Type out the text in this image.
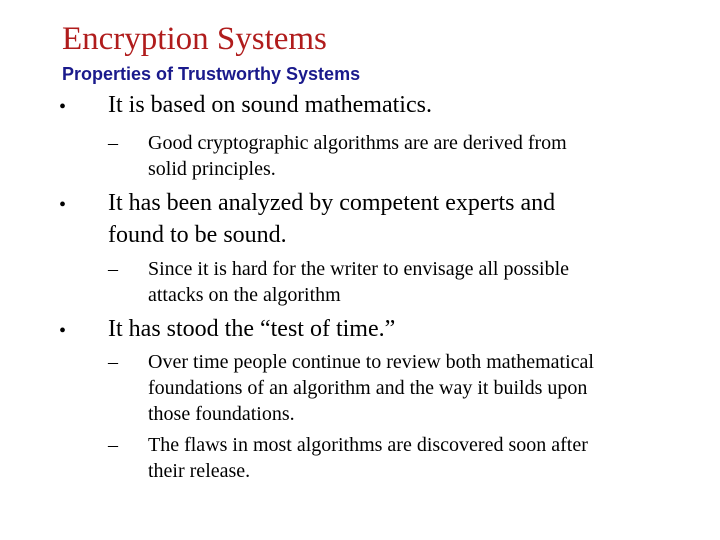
Encryption Systems
Properties of Trustworthy Systems
• It is based on sound mathematics.
– Good cryptographic algorithms are are derived from
solid principles.
• It has been analyzed by competent experts and
found to be sound.
– Since it is hard for the writer to envisage all possible
attacks on the algorithm
• It has stood the “test of time.”
– Over time people continue to review both mathematical
foundations of an algorithm and the way it builds upon
those foundations.
– The flaws in most algorithms are discovered soon after
their release.
